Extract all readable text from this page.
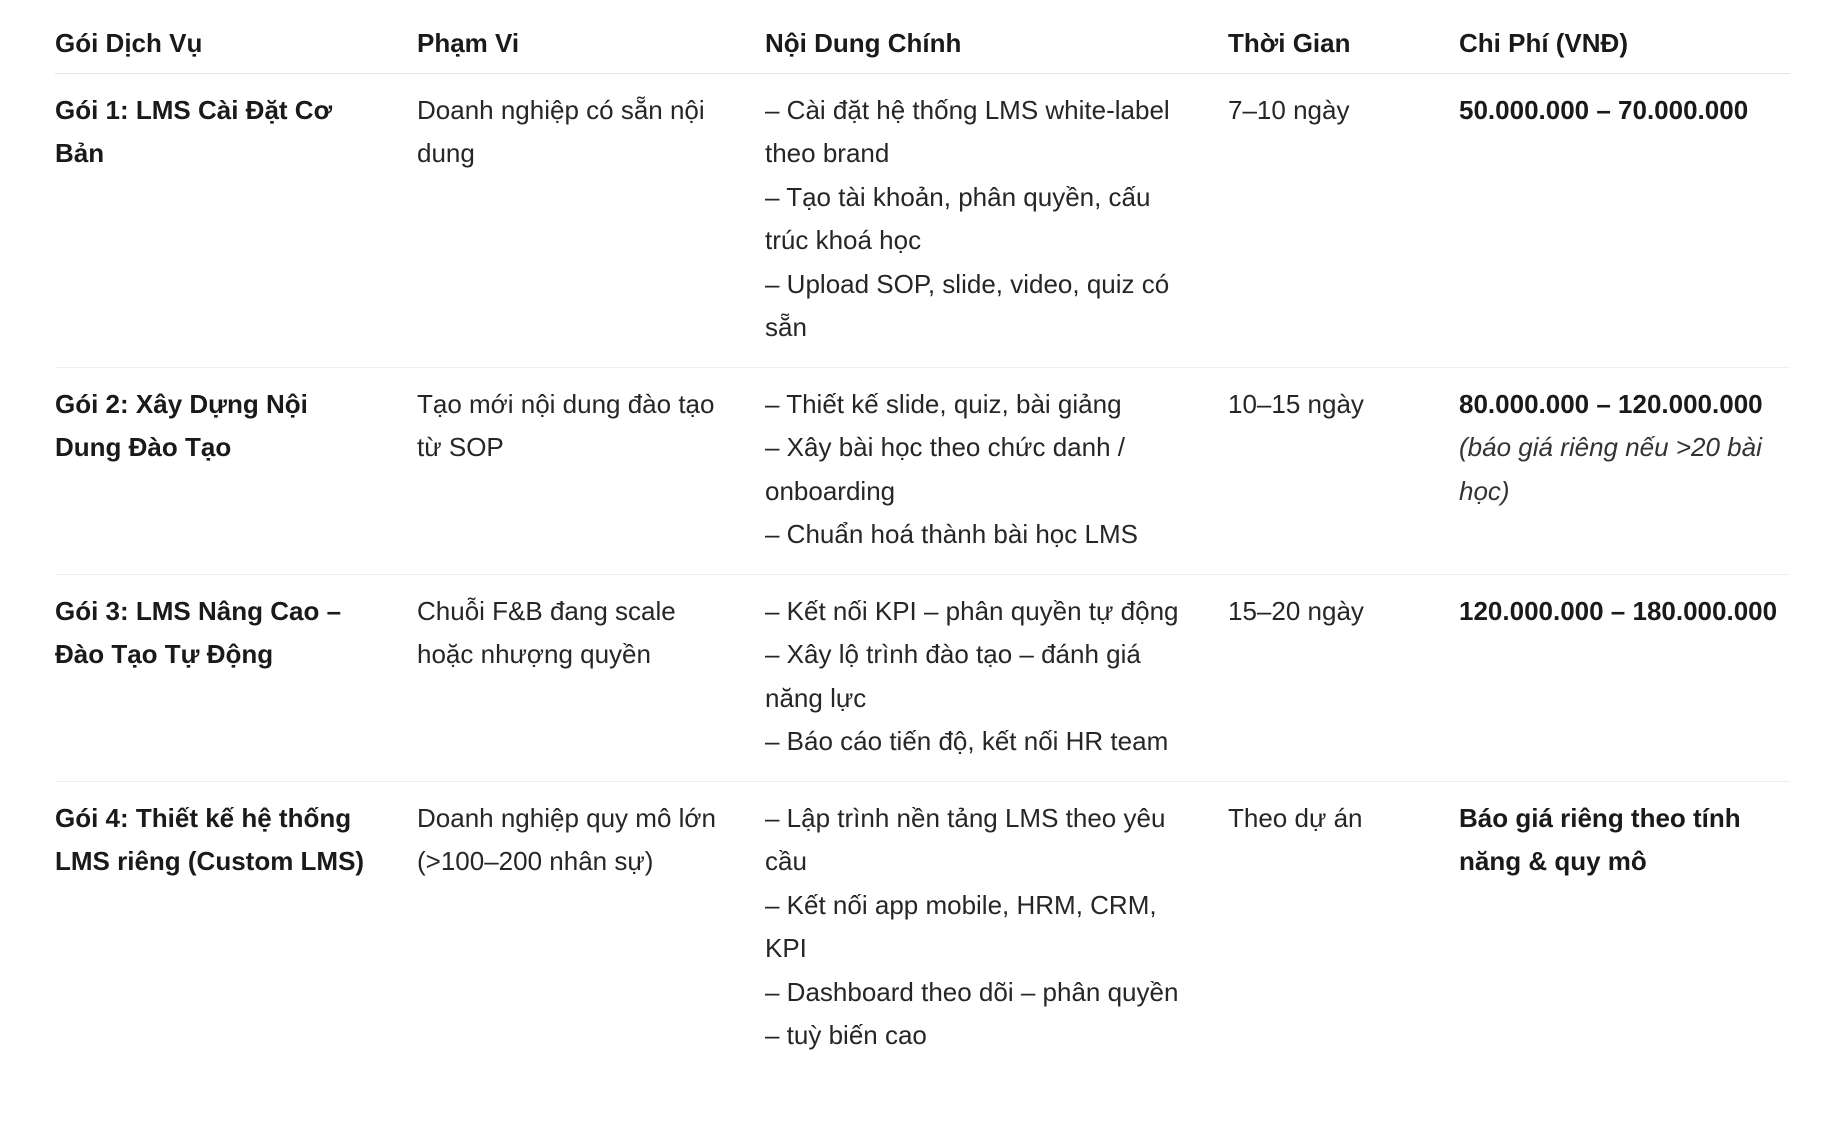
Gói Dịch Vụ	Phạm Vi	Nội Dung Chính	Thời Gian	Chi Phí (VNĐ)

Gói 1: LMS Cài Đặt Cơ Bản	Doanh nghiệp có sẵn nội dung	– Cài đặt hệ thống LMS white-label theo brand
– Tạo tài khoản, phân quyền, cấu trúc khoá học
– Upload SOP, slide, video, quiz có sẵn	7–10 ngày	50.000.000 – 70.000.000

Gói 2: Xây Dựng Nội Dung Đào Tạo	Tạo mới nội dung đào tạo từ SOP	– Thiết kế slide, quiz, bài giảng
– Xây bài học theo chức danh / onboarding
– Chuẩn hoá thành bài học LMS	10–15 ngày	80.000.000 – 120.000.000
(báo giá riêng nếu >20 bài học)

Gói 3: LMS Nâng Cao – Đào Tạo Tự Động	Chuỗi F&B đang scale hoặc nhượng quyền	– Kết nối KPI – phân quyền tự động
– Xây lộ trình đào tạo – đánh giá năng lực
– Báo cáo tiến độ, kết nối HR team	15–20 ngày	120.000.000 – 180.000.000

Gói 4: Thiết kế hệ thống LMS riêng (Custom LMS)	Doanh nghiệp quy mô lớn (>100–200 nhân sự)	– Lập trình nền tảng LMS theo yêu cầu
– Kết nối app mobile, HRM, CRM, KPI
– Dashboard theo dõi – phân quyền – tuỳ biến cao	Theo dự án	Báo giá riêng theo tính năng & quy mô
